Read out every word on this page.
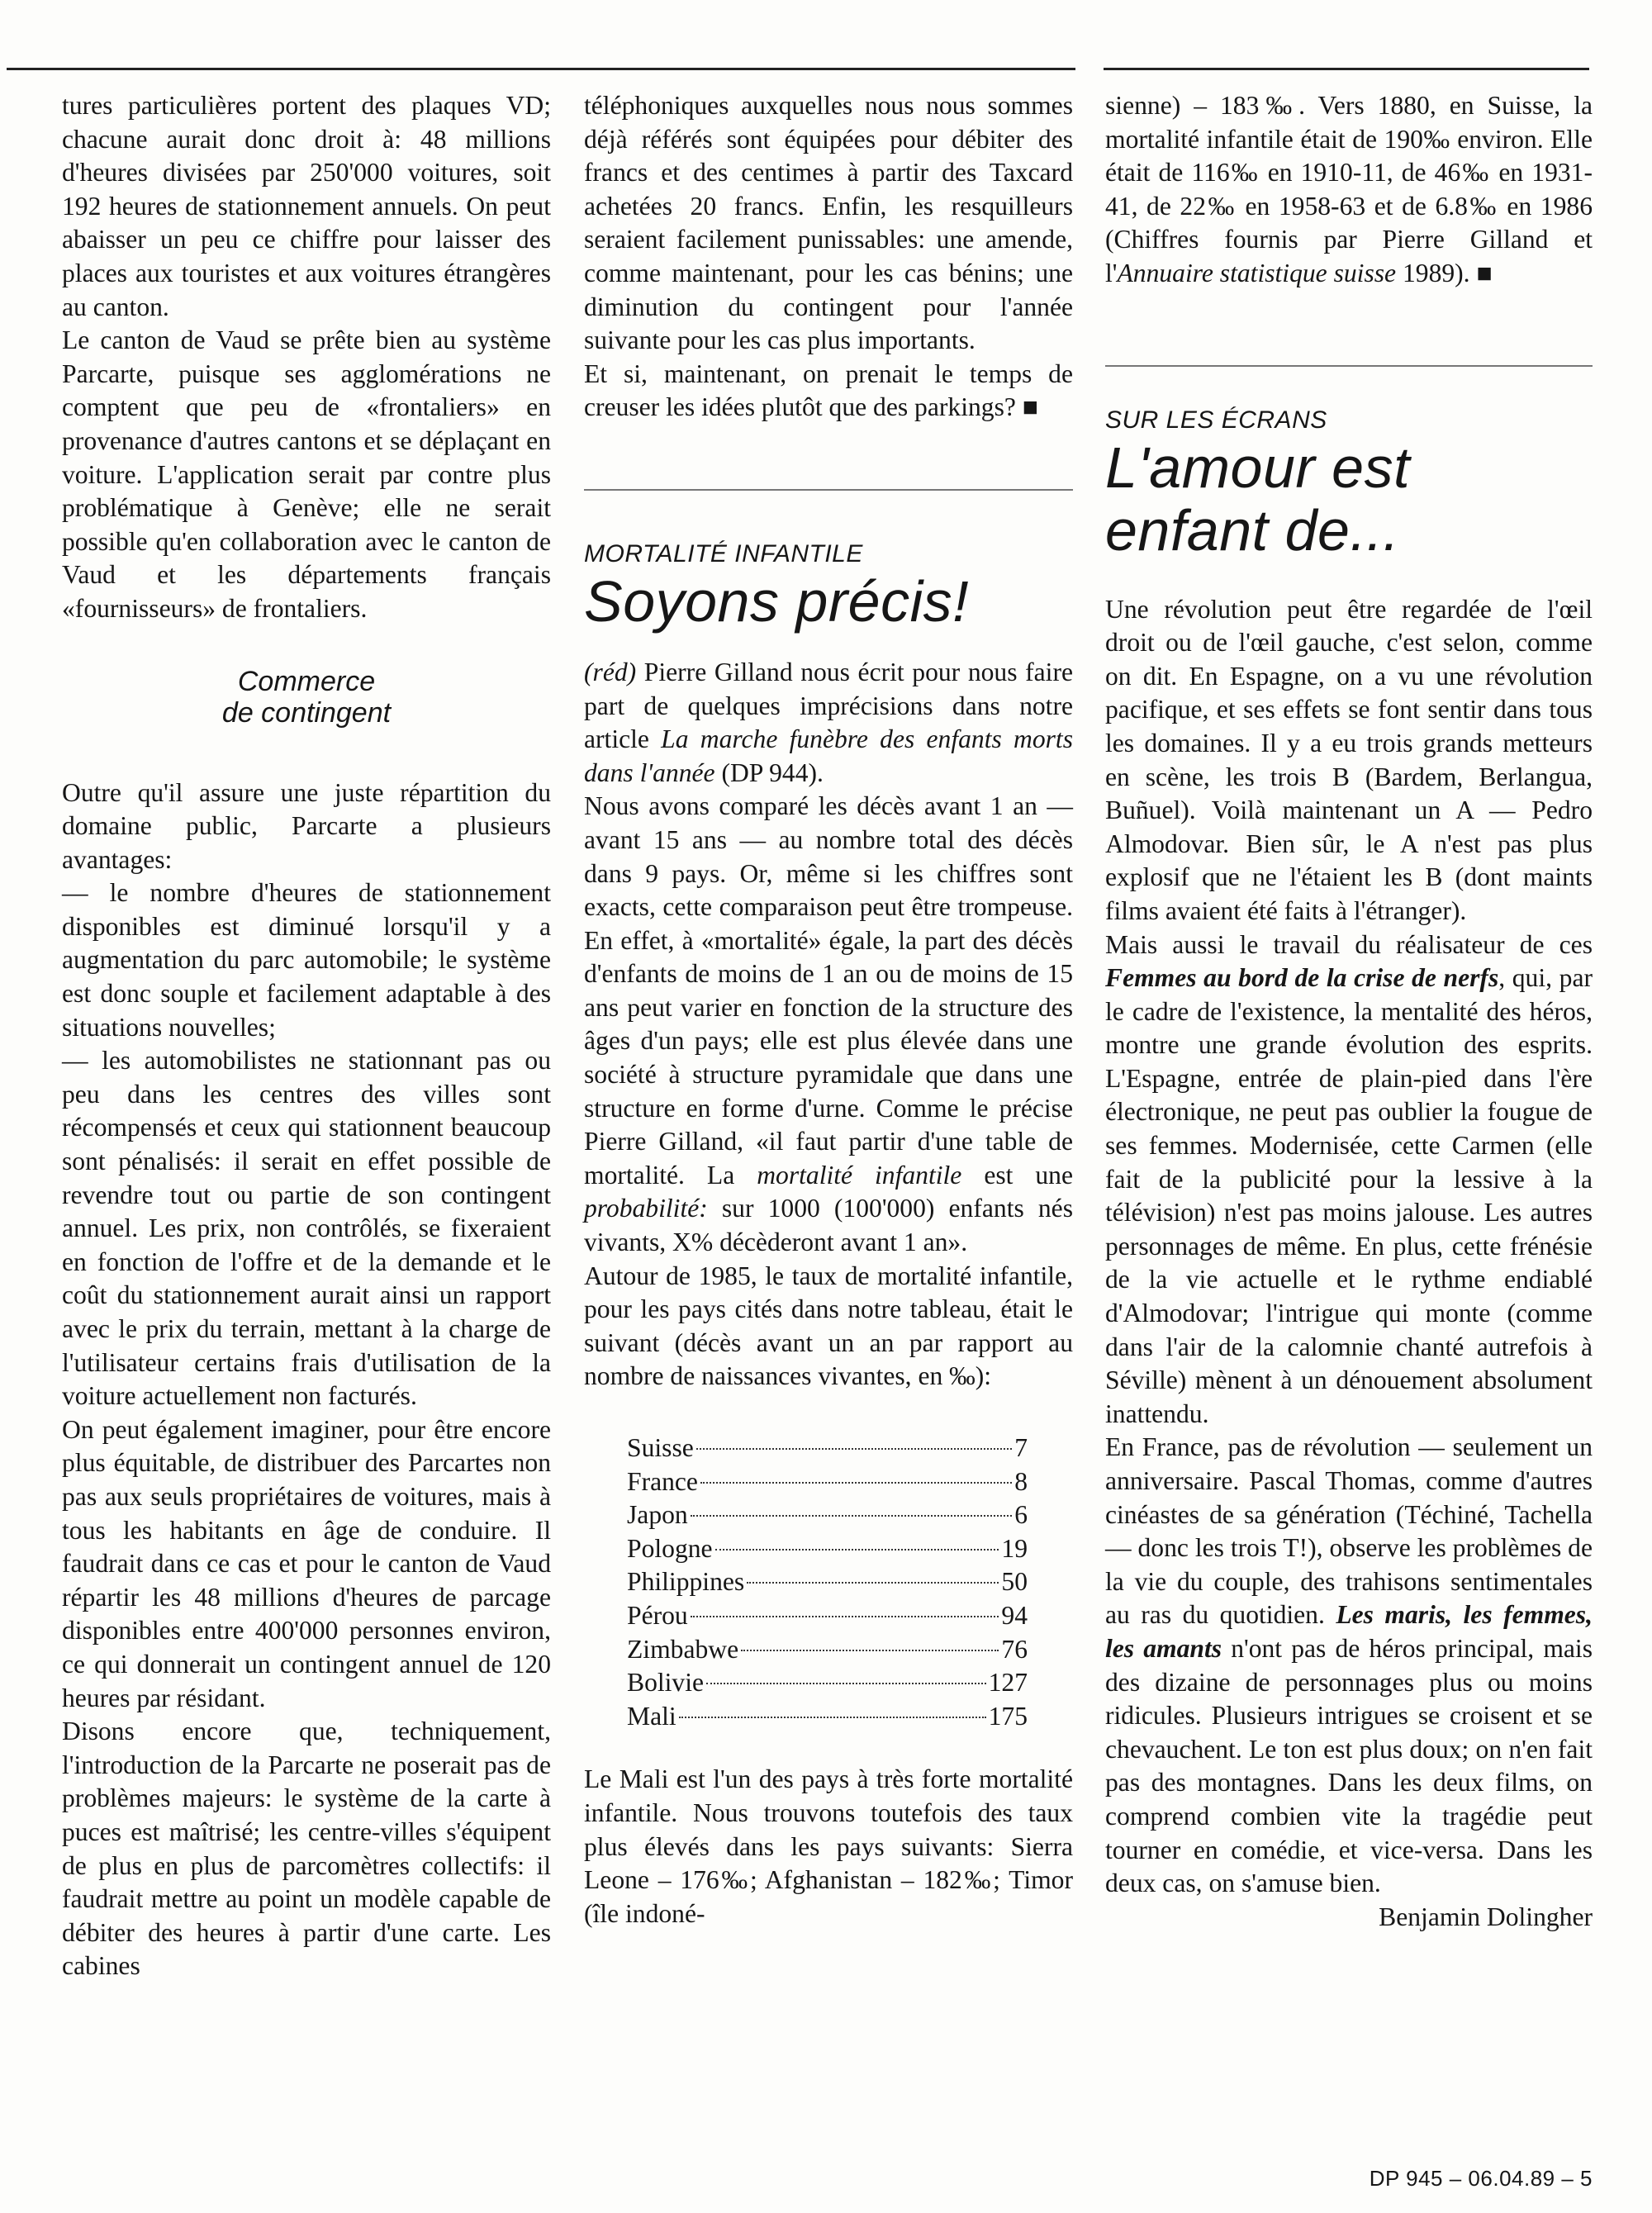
tures particulières portent des plaques VD; chacune aurait donc droit à: 48 millions d'heures divisées par 250'000 voitures, soit 192 heures de stationnement annuels. On peut abaisser un peu ce chiffre pour laisser des places aux touristes et aux voitures étrangères au canton.

Le canton de Vaud se prête bien au système Parcarte, puisque ses agglomérations ne comptent que peu de «frontaliers» en provenance d'autres cantons et se déplaçant en voiture. L'application serait par contre plus problématique à Genève; elle ne serait possible qu'en collaboration avec le canton de Vaud et les départements français «fournisseurs» de frontaliers.

Commerce
de contingent

Outre qu'il assure une juste répartition du domaine public, Parcarte a plusieurs avantages:

— le nombre d'heures de stationnement disponibles est diminué lorsqu'il y a augmentation du parc automobile; le système est donc souple et facilement adaptable à des situations nouvelles;

— les automobilistes ne stationnant pas ou peu dans les centres des villes sont récompensés et ceux qui stationnent beaucoup sont pénalisés: il serait en effet possible de revendre tout ou partie de son contingent annuel. Les prix, non contrôlés, se fixeraient en fonction de l'offre et de la demande et le coût du stationnement aurait ainsi un rapport avec le prix du terrain, mettant à la charge de l'utilisateur certains frais d'utilisation de la voiture actuellement non facturés.

On peut également imaginer, pour être encore plus équitable, de distribuer des Parcartes non pas aux seuls propriétaires de voitures, mais à tous les habitants en âge de conduire. Il faudrait dans ce cas et pour le canton de Vaud répartir les 48 millions d'heures de parcage disponibles entre 400'000 personnes environ, ce qui donnerait un contingent annuel de 120 heures par résidant.

Disons encore que, techniquement, l'introduction de la Parcarte ne poserait pas de problèmes majeurs: le système de la carte à puces est maîtrisé; les centre-villes s'équipent de plus en plus de parcomètres collectifs: il faudrait mettre au point un modèle capable de débiter des heures à partir d'une carte. Les cabines

téléphoniques auxquelles nous nous sommes déjà référés sont équipées pour débiter des francs et des centimes à partir des Taxcard achetées 20 francs. Enfin, les resquilleurs seraient facilement punissables: une amende, comme maintenant, pour les cas bénins; une diminution du contingent pour l'année suivante pour les cas plus importants.

Et si, maintenant, on prenait le temps de creuser les idées plutôt que des parkings? ■

MORTALITÉ INFANTILE
Soyons précis!

(réd) Pierre Gilland nous écrit pour nous faire part de quelques imprécisions dans notre article La marche funèbre des enfants morts dans l'année (DP 944).

Nous avons comparé les décès avant 1 an — avant 15 ans — au nombre total des décès dans 9 pays. Or, même si les chiffres sont exacts, cette comparaison peut être trompeuse. En effet, à «mortalité» égale, la part des décès d'enfants de moins de 1 an ou de moins de 15 ans peut varier en fonction de la structure des âges d'un pays; elle est plus élevée dans une société à structure pyramidale que dans une structure en forme d'urne. Comme le précise Pierre Gilland, «il faut partir d'une table de mortalité. La mortalité infantile est une probabilité: sur 1000 (100'000) enfants nés vivants, X% décèderont avant 1 an».

Autour de 1985, le taux de mortalité infantile, pour les pays cités dans notre tableau, était le suivant (décès avant un an par rapport au nombre de naissances vivantes, en ‰):

Suisse	7
France	8
Japon	6
Pologne	19
Philippines	50
Pérou	94
Zimbabwe	76
Bolivie	127
Mali	175

Le Mali est l'un des pays à très forte mortalité infantile. Nous trouvons toutefois des taux plus élevés dans les pays suivants: Sierra Leone – 176‰; Afghanistan – 182‰; Timor (île indoné-

sienne) – 183‰. Vers 1880, en Suisse, la mortalité infantile était de 190‰ environ. Elle était de 116‰ en 1910-11, de 46‰ en 1931-41, de 22‰ en 1958-63 et de 6.8‰ en 1986 (Chiffres fournis par Pierre Gilland et l'Annuaire statistique suisse 1989). ■

SUR LES ÉCRANS
L'amour est
enfant de...

Une révolution peut être regardée de l'œil droit ou de l'œil gauche, c'est selon, comme on dit. En Espagne, on a vu une révolution pacifique, et ses effets se font sentir dans tous les domaines. Il y a eu trois grands metteurs en scène, les trois B (Bardem, Berlangua, Buñuel). Voilà maintenant un A — Pedro Almodovar. Bien sûr, le A n'est pas plus explosif que ne l'étaient les B (dont maints films avaient été faits à l'étranger).

Mais aussi le travail du réalisateur de ces Femmes au bord de la crise de nerfs, qui, par le cadre de l'existence, la mentalité des héros, montre une grande évolution des esprits. L'Espagne, entrée de plain-pied dans l'ère électronique, ne peut pas oublier la fougue de ses femmes. Modernisée, cette Carmen (elle fait de la publicité pour la lessive à la télévision) n'est pas moins jalouse. Les autres personnages de même. En plus, cette frénésie de la vie actuelle et le rythme endiablé d'Almodovar; l'intrigue qui monte (comme dans l'air de la calomnie chanté autrefois à Séville) mènent à un dénouement absolument inattendu.

En France, pas de révolution — seulement un anniversaire. Pascal Thomas, comme d'autres cinéastes de sa génération (Téchiné, Tachella — donc les trois T!), observe les problèmes de la vie du couple, des trahisons sentimentales au ras du quotidien. Les maris, les femmes, les amants n'ont pas de héros principal, mais des dizaine de personnages plus ou moins ridicules. Plusieurs intrigues se croisent et se chevauchent. Le ton est plus doux; on n'en fait pas des montagnes. Dans les deux films, on comprend combien vite la tragédie peut tourner en comédie, et vice-versa. Dans les deux cas, on s'amuse bien.

Benjamin Dolingher

DP 945 – 06.04.89 – 5
